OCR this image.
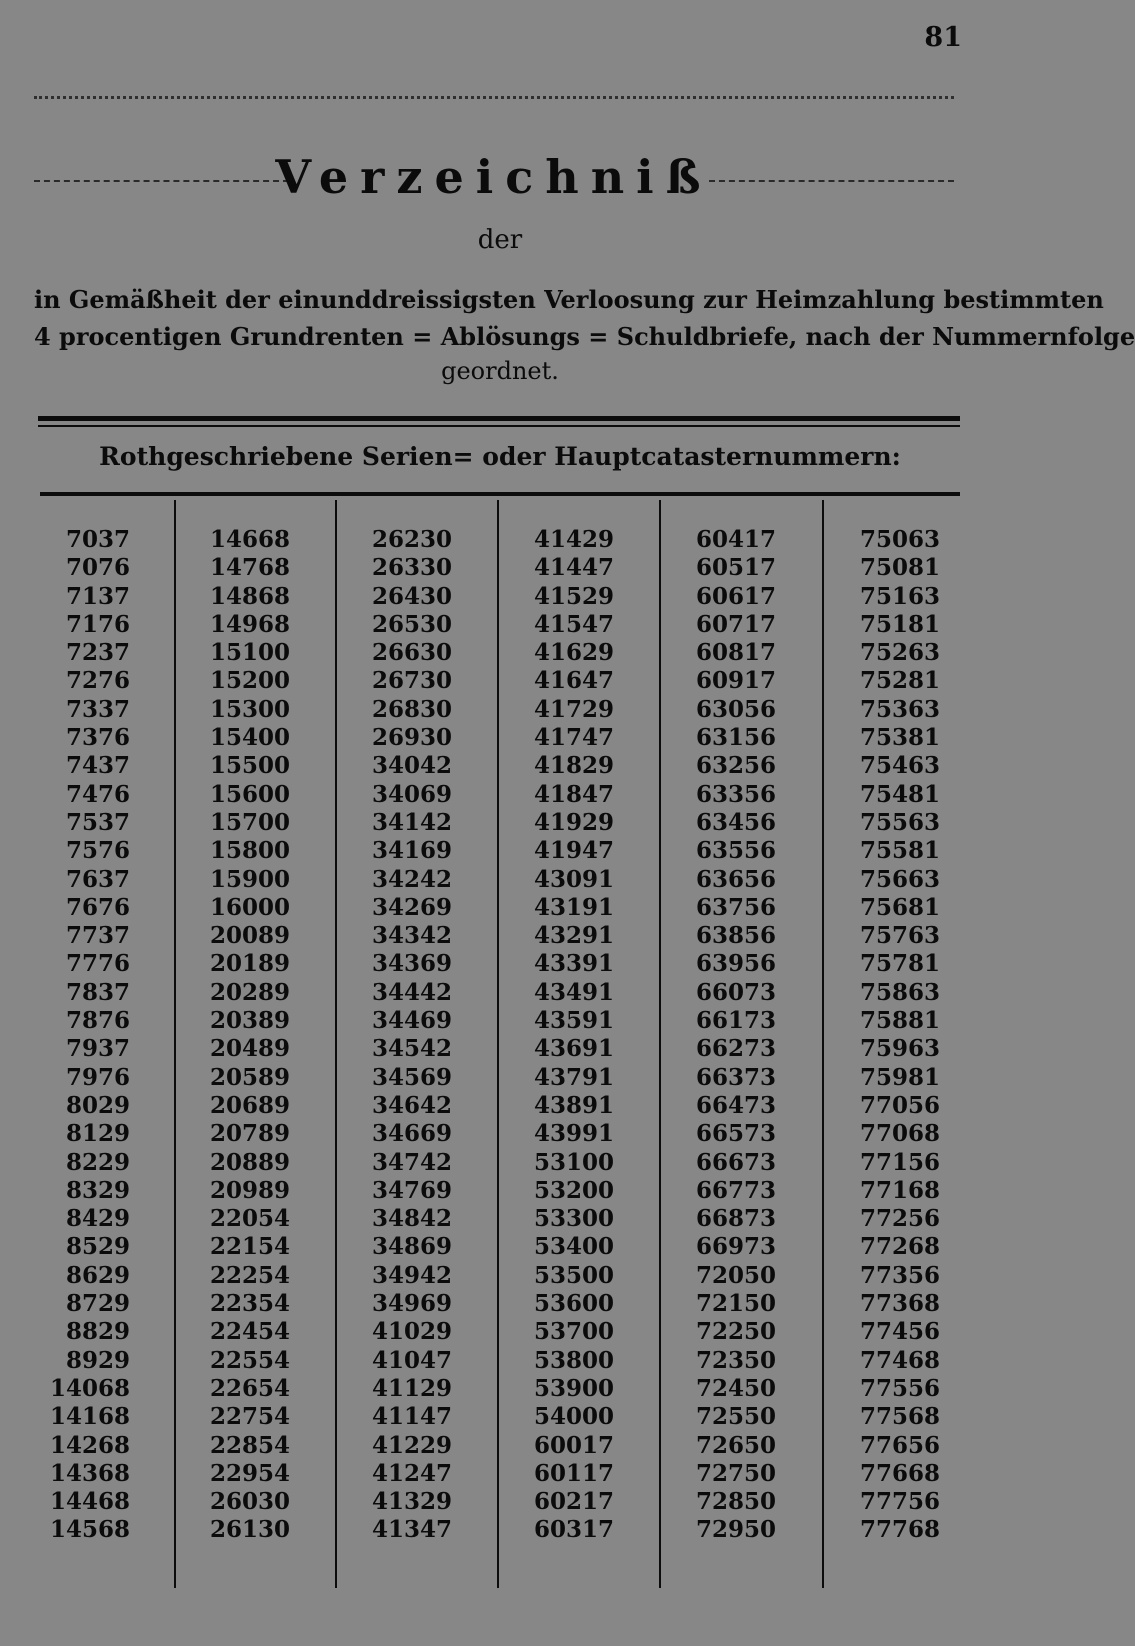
81
Verzeichniß
der
in Gemäßheit der einunddreissigsten Verloosung zur Heimzahlung bestimmten
4 procentigen Grundrenten = Ablösungs = Schuldbriefe, nach der Nummernfolge
geordnet.
Rothgeschriebene Serien= oder Hauptcatasternummern:
7037
7076
7137
7176
7237
7276
7337
7376
7437
7476
7537
7576
7637
7676
7737
7776
7837
7876
7937
7976
8029
8129
8229
8329
8429
8529
8629
8729
8829
8929
14068
14168
14268
14368
14468
14568
14668
14768
14868
14968
15100
15200
15300
15400
15500
15600
15700
15800
15900
16000
20089
20189
20289
20389
20489
20589
20689
20789
20889
20989
22054
22154
22254
22354
22454
22554
22654
22754
22854
22954
26030
26130
26230
26330
26430
26530
26630
26730
26830
26930
34042
34069
34142
34169
34242
34269
34342
34369
34442
34469
34542
34569
34642
34669
34742
34769
34842
34869
34942
34969
41029
41047
41129
41147
41229
41247
41329
41347
41429
41447
41529
41547
41629
41647
41729
41747
41829
41847
41929
41947
43091
43191
43291
43391
43491
43591
43691
43791
43891
43991
53100
53200
53300
53400
53500
53600
53700
53800
53900
54000
60017
60117
60217
60317
60417
60517
60617
60717
60817
60917
63056
63156
63256
63356
63456
63556
63656
63756
63856
63956
66073
66173
66273
66373
66473
66573
66673
66773
66873
66973
72050
72150
72250
72350
72450
72550
72650
72750
72850
72950
75063
75081
75163
75181
75263
75281
75363
75381
75463
75481
75563
75581
75663
75681
75763
75781
75863
75881
75963
75981
77056
77068
77156
77168
77256
77268
77356
77368
77456
77468
77556
77568
77656
77668
77756
77768
